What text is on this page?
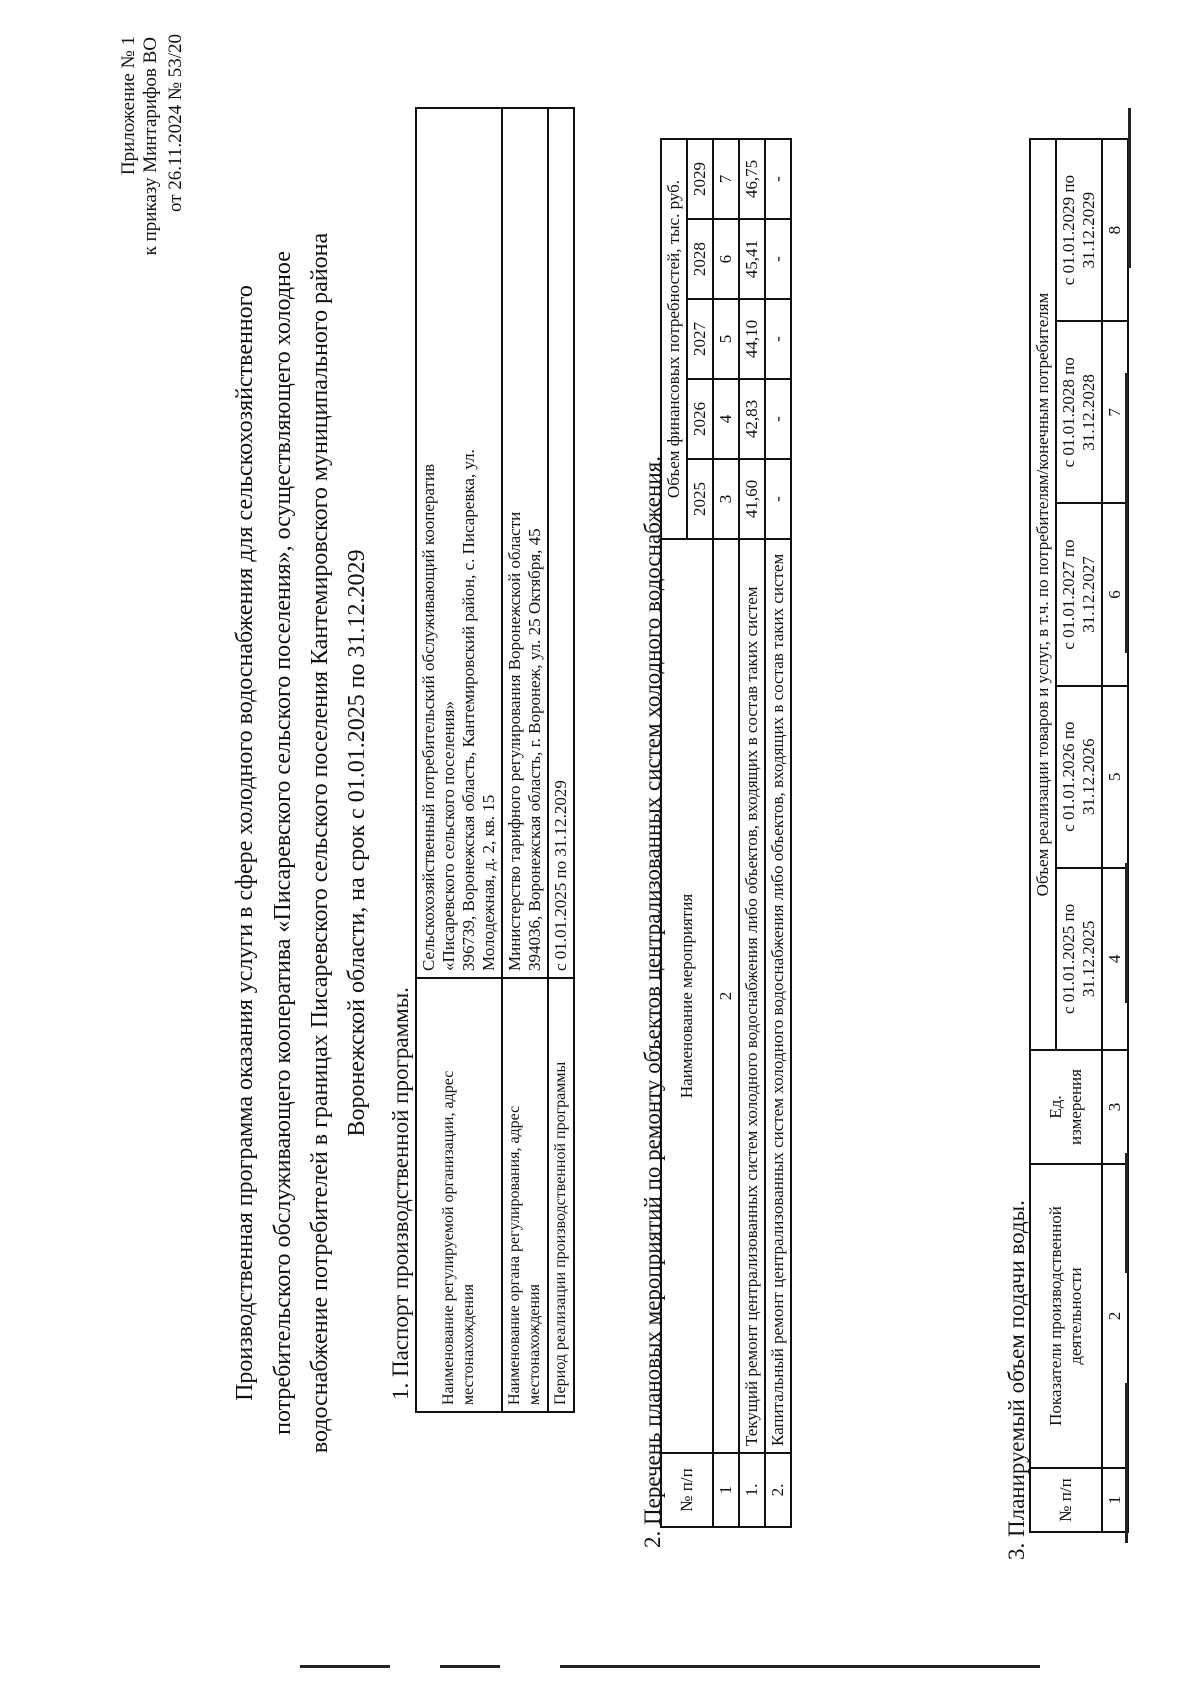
Приложение № 1 к приказу Минтарифов ВО от 26.11.2024 № 53/20
Производственная программа оказания услуги в сфере холодного водоснабжения для сельскохозяйственного потребительского обслуживающего кооператива «Писаревского сельского поселения», осуществляющего холодное водоснабжение потребителей в границах Писаревского сельского поселения Кантемировского муниципального района Воронежской области, на срок с 01.01.2025 по 31.12.2029
1. Паспорт производственной программы. Наименование регулируемой организации, адрес местонахождения	Сельскохозяйственный потребительский обслуживающий кооператив «Писаревского сельского поселения» 396739, Воронежская область, Кантемировский район, с. Писаревка, ул. Молодежная, д. 2, кв. 15

Наименование органа регулирования, адрес местонахождения	Министерство тарифного регулирования Воронежской области 394036, Воронежская область, г. Воронеж, ул. 25 Октября, 45

Период реализации производственной программы	с 01.01.2025 по 31.12.2029	2. Перечень плановых мероприятий по ремонту объектов централизованных систем холодного водоснабжения. № п/п	Наименование мероприятия	Объем финансовых потребностей, тыс. руб.				
		2025	2026	2027	2028	2029
1	2	3	4	5	6	7
1.	Текущий ремонт централизованных систем холодного водоснабжения либо объектов, входящих в состав таких систем	41,60	42,83	44,10	45,41	46,75
2.	Капитальный ремонт централизованных систем холодного водоснабжения либо объектов, входящих в состав таких систем	-	-	-	-	-
3. Планируемый объем подачи воды. № п/п	Показатели производственной деятельности	Ед. измерения	Объем реализации товаров и услуг, в т.ч. по потребителям/конечным потребителям				
			с 01.01.2025 по 31.12.2025	с 01.01.2026 по 31.12.2026	с 01.01.2027 по 31.12.2027	с 01.01.2028 по 31.12.2028	с 01.01.2029 по 31.12.2029
1	2	3	4	5	6	7	8
